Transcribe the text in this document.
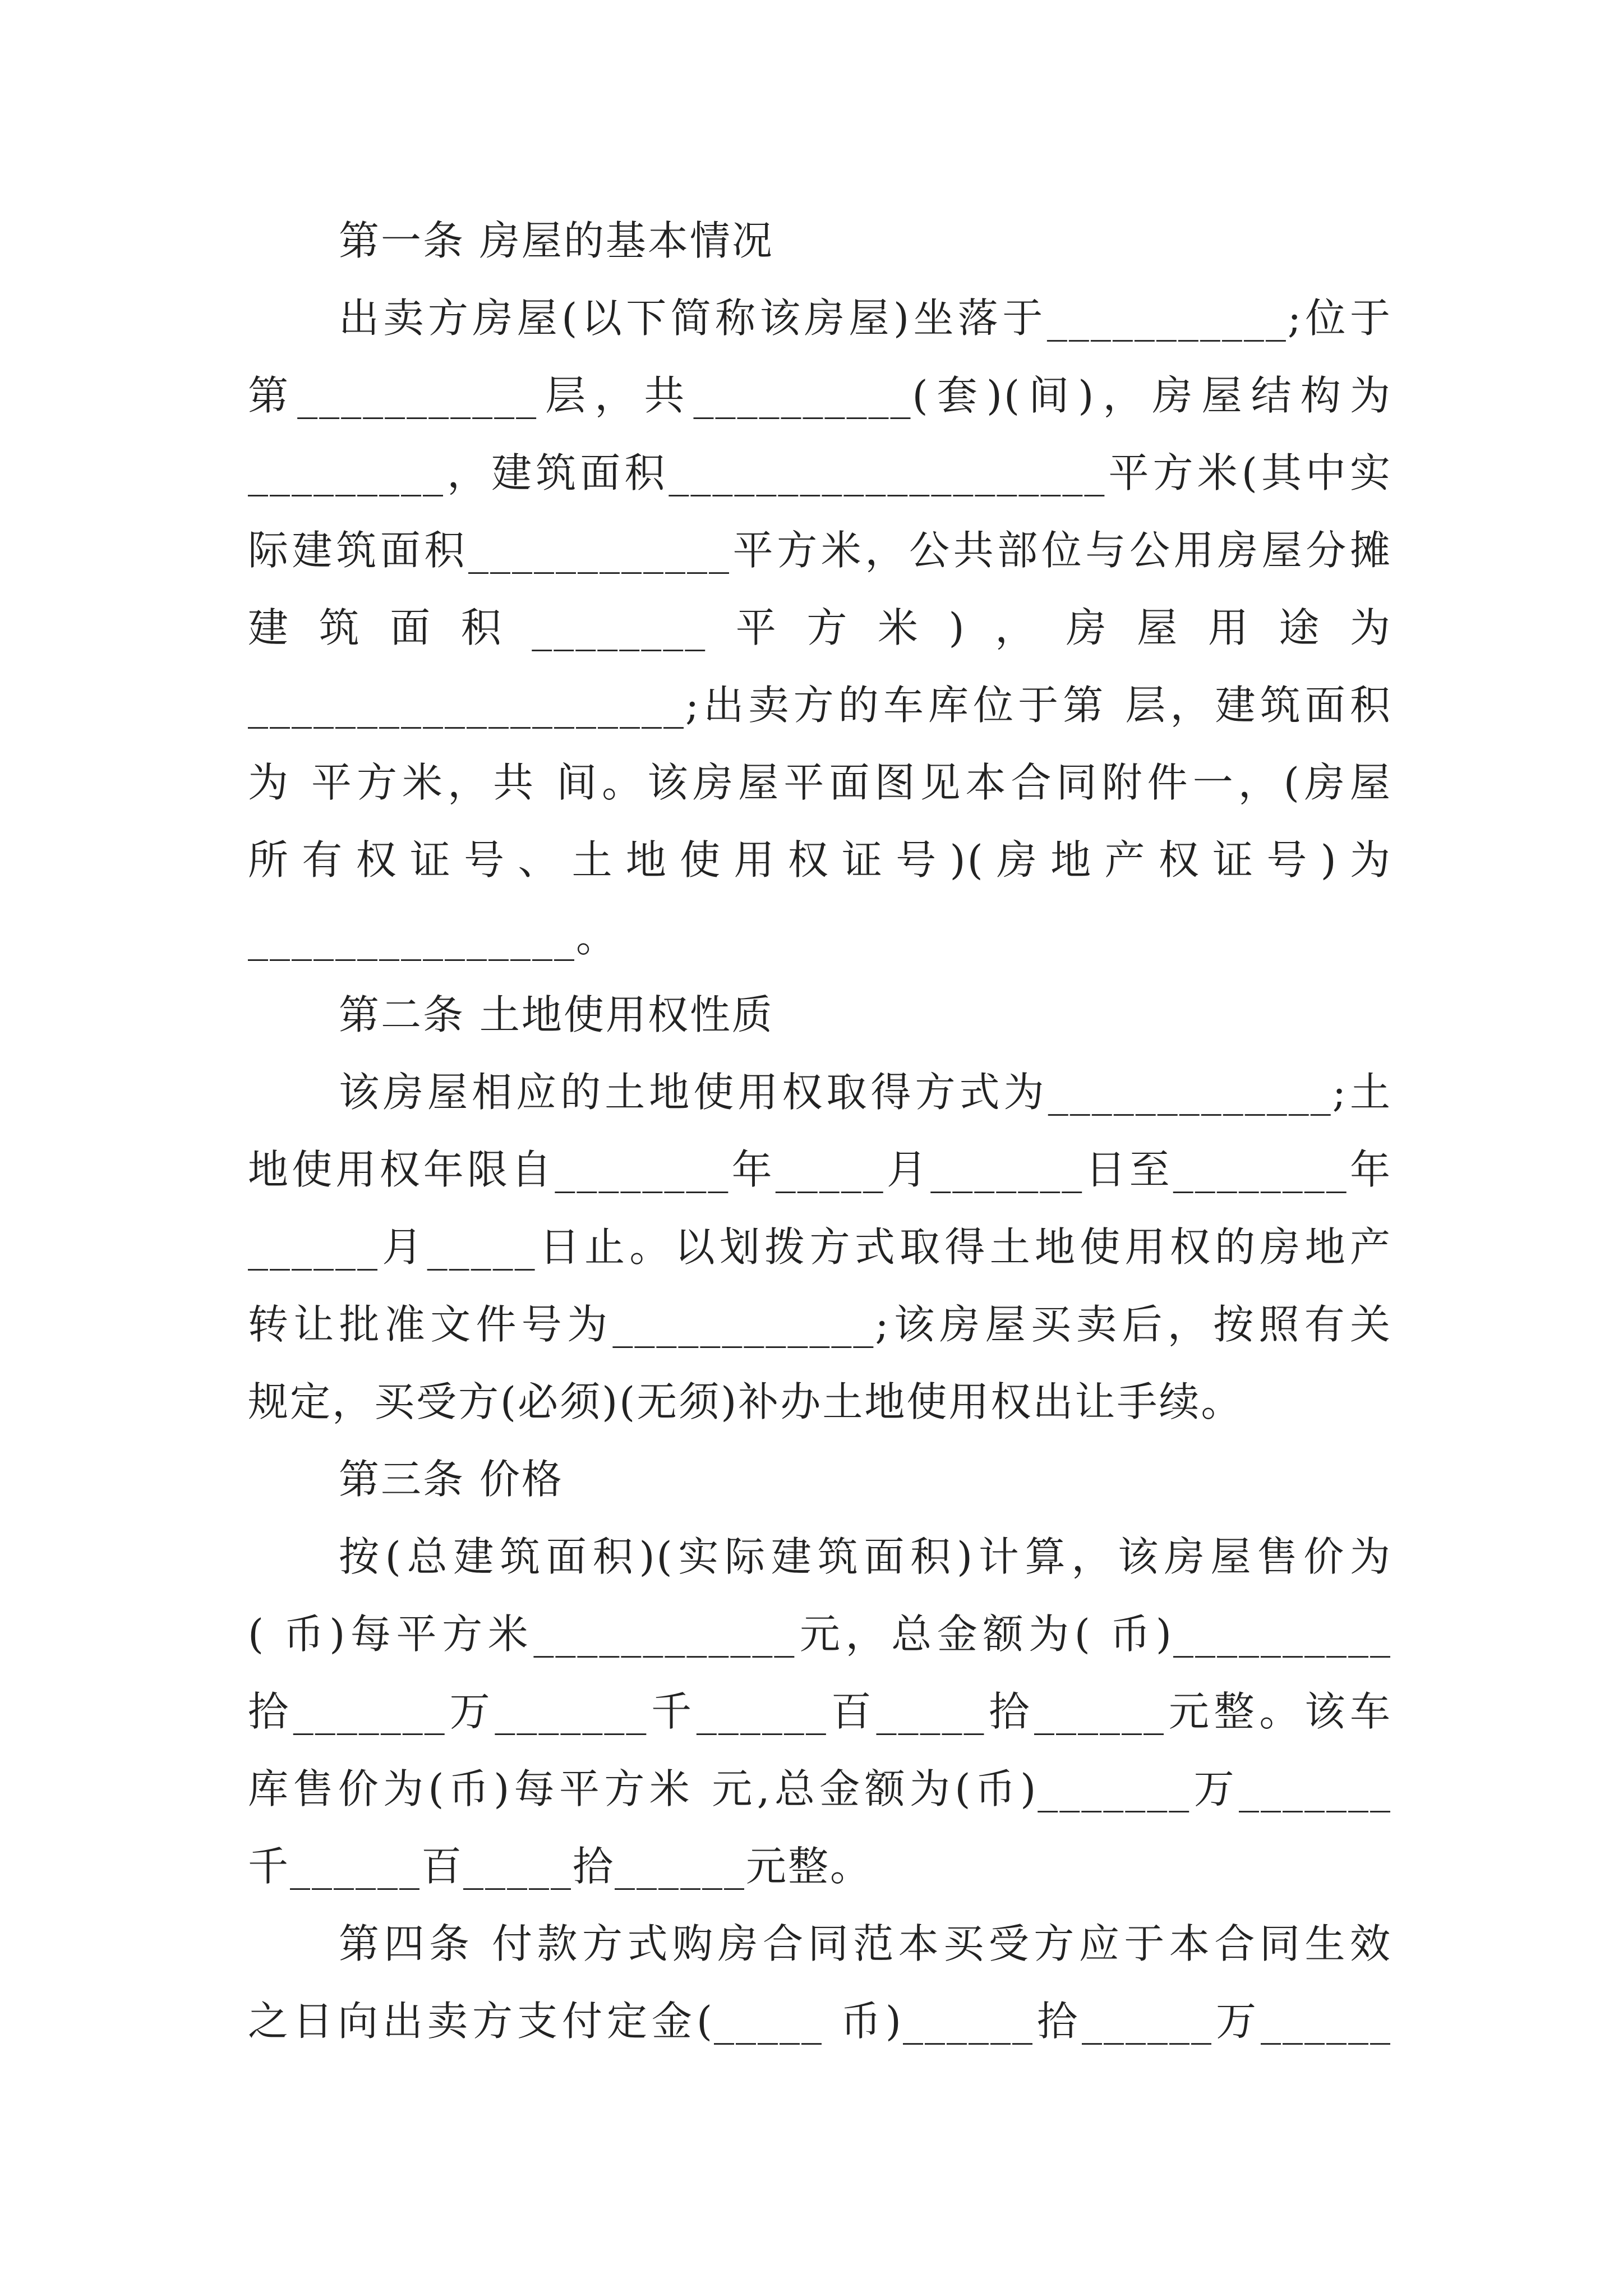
第一条 房屋的基本情况
出卖方房屋(以下简称该房屋)坐落于___________;位于
第___________层，共__________(套)(间)，房屋结构为
_________，建筑面积____________________平方米(其中实
际建筑面积____________平方米，公共部位与公用房屋分摊
建筑面积________平方米)，房屋用途为
____________________;出卖方的车库位于第 层，建筑面积
为 平方米，共 间。该房屋平面图见本合同附件一，(房屋
所有权证号、土地使用权证号)(房地产权证号)为
_______________。
第二条 土地使用权性质
该房屋相应的土地使用权取得方式为_____________;土
地使用权年限自________年_____月_______日至________年
______月_____日止。以划拨方式取得土地使用权的房地产
转让批准文件号为____________;该房屋买卖后，按照有关
规定，买受方(必须)(无须)补办土地使用权出让手续。
第三条 价格
按(总建筑面积)(实际建筑面积)计算，该房屋售价为
( 币)每平方米____________元，总金额为( 币)__________
拾_______万_______千______百_____拾______元整。该车
库售价为(币)每平方米 元,总金额为(币)_______万_______
千______百_____拾______元整。
第四条 付款方式购房合同范本买受方应于本合同生效
之日向出卖方支付定金(_____ 币)______拾______万______
